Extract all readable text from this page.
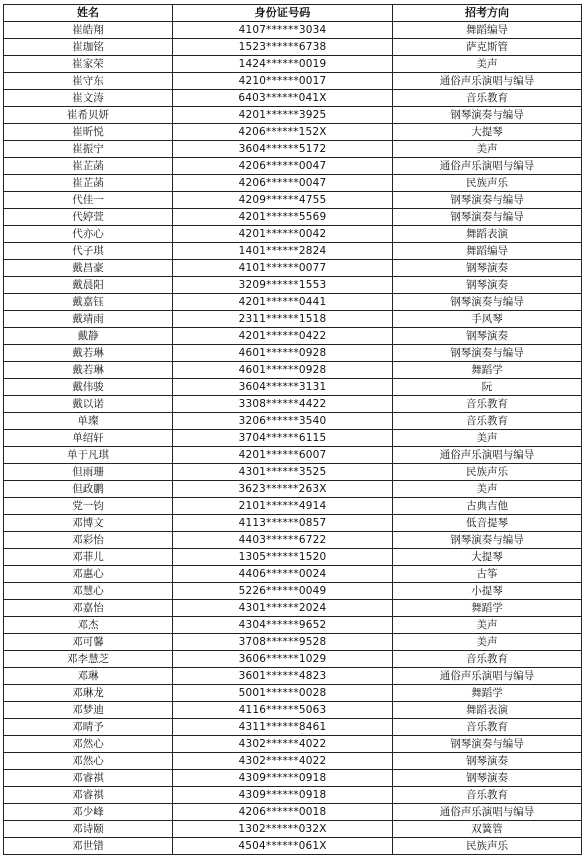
姓名	身份证号码	招考方向
崔皓翔	4107******3034	舞蹈编导
崔珈铭	1523******6738	萨克斯管
崔家荣	1424******0019	美声
崔守东	4210******0017	通俗声乐演唱与编导
崔文涛	6403******041X	音乐教育
崔希贝妍	4201******3925	钢琴演奏与编导
崔昕悦	4206******152X	大提琴
崔振宁	3604******5172	美声
崔芷菡	4206******0047	通俗声乐演唱与编导
崔芷菡	4206******0047	民族声乐
代佳一	4209******4755	钢琴演奏与编导
代婷萱	4201******5569	钢琴演奏与编导
代亦心	4201******0042	舞蹈表演
代子琪	1401******2824	舞蹈编导
戴昌豪	4101******0077	钢琴演奏
戴晨阳	3209******1553	钢琴演奏
戴嘉钰	4201******0441	钢琴演奏与编导
戴靖雨	2311******1518	手风琴
戴静	4201******0422	钢琴演奏
戴若琳	4601******0928	钢琴演奏与编导
戴若琳	4601******0928	舞蹈学
戴伟骏	3604******3131	阮
戴以诺	3308******4422	音乐教育
单璨	3206******3540	音乐教育
单绍轩	3704******6115	美声
单于凡琪	4201******6007	通俗声乐演唱与编导
但雨珊	4301******3525	民族声乐
但政鹏	3623******263X	美声
党一钧	2101******4914	古典吉他
邓博文	4113******0857	低音提琴
邓彩怡	4403******6722	钢琴演奏与编导
邓菲儿	1305******1520	大提琴
邓惠心	4406******0024	古筝
邓慧心	5226******0049	小提琴
邓嘉怡	4301******2024	舞蹈学
邓杰	4304******9652	美声
邓可馨	3708******9528	美声
邓李慧芝	3606******1029	音乐教育
邓琳	3601******4823	通俗声乐演唱与编导
邓琳龙	5001******0028	舞蹈学
邓梦迪	4116******5063	舞蹈表演
邓晴予	4311******8461	音乐教育
邓然心	4302******4022	钢琴演奏与编导
邓然心	4302******4022	钢琴演奏
邓睿祺	4309******0918	钢琴演奏
邓睿祺	4309******0918	音乐教育
邓少峰	4206******0018	通俗声乐演唱与编导
邓诗颐	1302******032X	双簧管
邓世错	4504******061X	民族声乐
